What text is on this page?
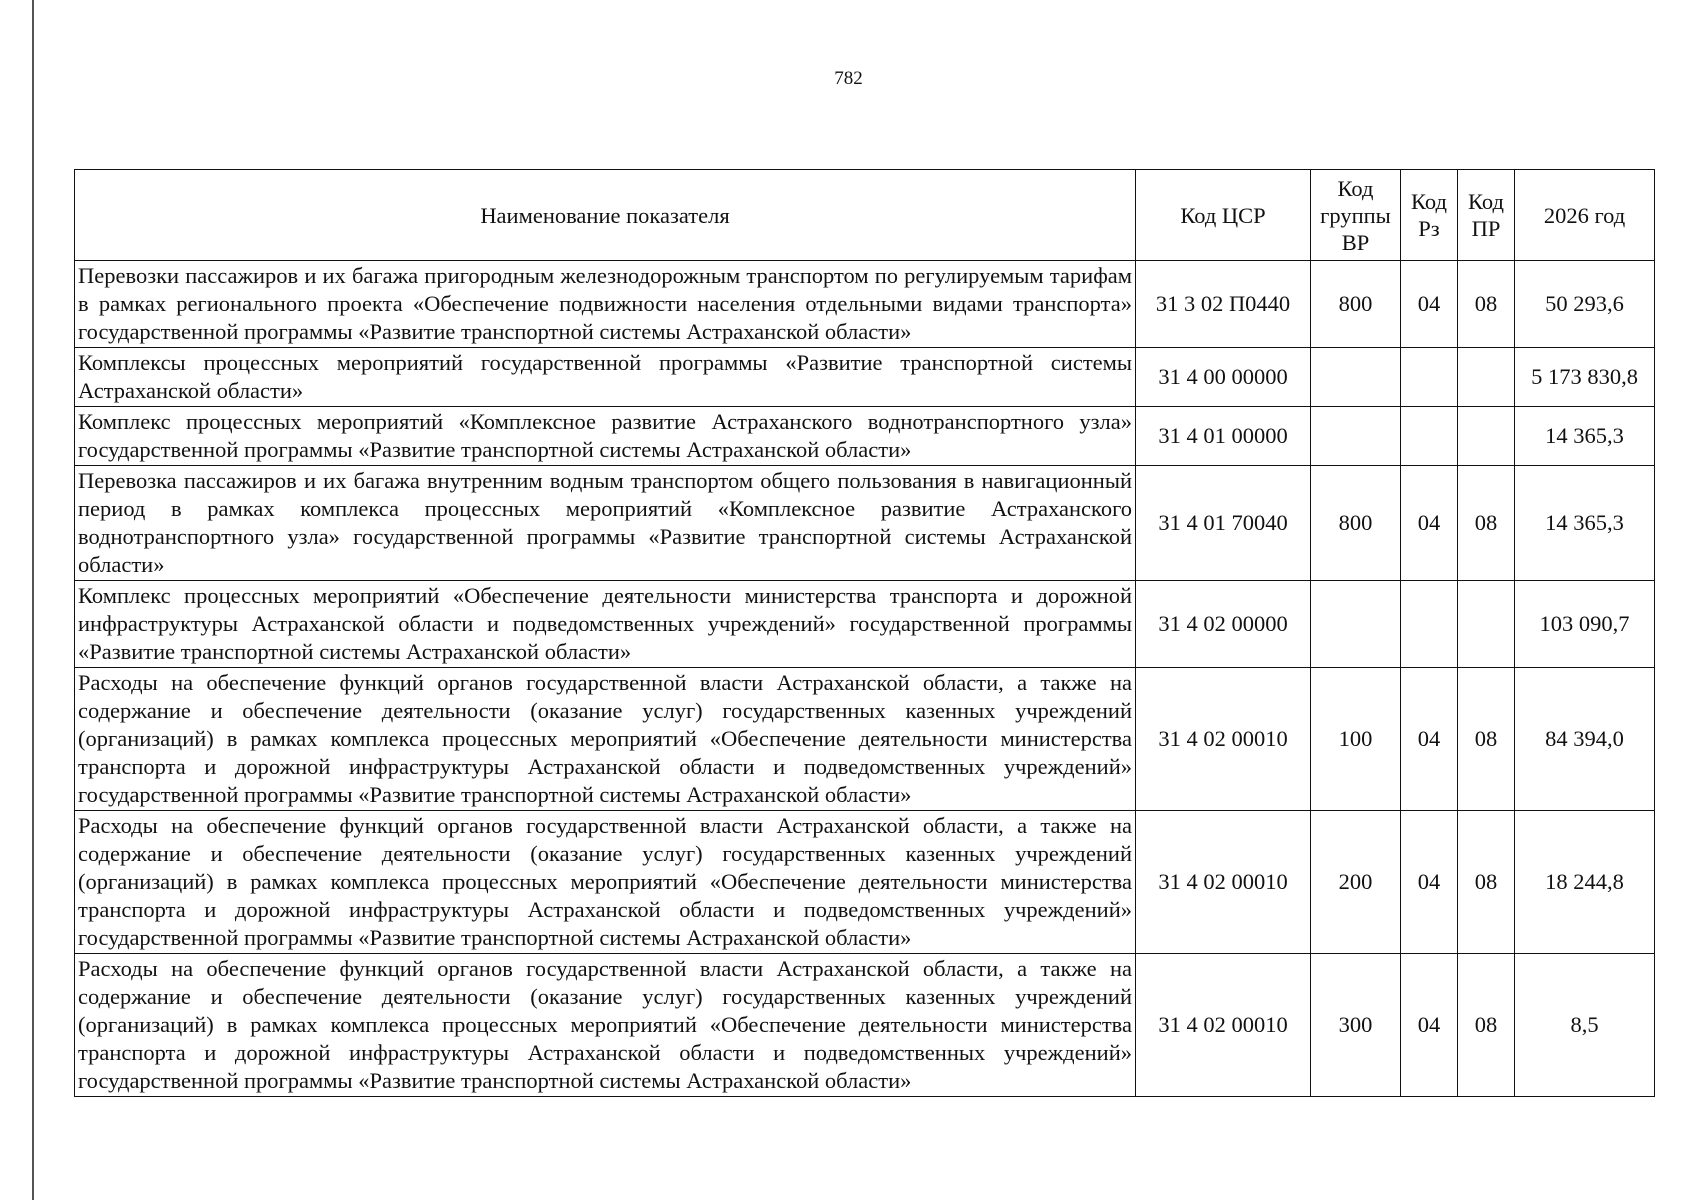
782
Наименование показателя	Код ЦСР	Код группы ВР	Код Рз	Код ПР	2026 год
Перевозки пассажиров и их багажа пригородным железнодорожным транспортом по регулируемым тарифам в рамках регионального проекта «Обеспечение подвижности населения отдельными видами транспорта» государственной программы «Развитие транспортной системы Астраханской области»	31 3 02 П0440	800	04	08	50 293,6
Комплексы процессных мероприятий государственной программы «Развитие транспортной системы Астраханской области»	31 4 00 00000				5 173 830,8
Комплекс процессных мероприятий «Комплексное развитие Астраханского воднотранспортного узла» государственной программы «Развитие транспортной системы Астраханской области»	31 4 01 00000				14 365,3
Перевозка пассажиров и их багажа внутренним водным транспортом общего пользования в навигационный период в рамках комплекса процессных мероприятий «Комплексное развитие Астраханского воднотранспортного узла» государственной программы «Развитие транспортной системы Астраханской области»	31 4 01 70040	800	04	08	14 365,3
Комплекс процессных мероприятий «Обеспечение деятельности министерства транспорта и дорожной инфраструктуры Астраханской области и подведомственных учреждений» государственной программы «Развитие транспортной системы Астраханской области»	31 4 02 00000				103 090,7
Расходы на обеспечение функций органов государственной власти Астраханской области, а также на содержание и обеспечение деятельности (оказание услуг) государственных казенных учреждений (организаций) в рамках комплекса процессных мероприятий «Обеспечение деятельности министерства транспорта и дорожной инфраструктуры Астраханской области и подведомственных учреждений» государственной программы «Развитие транспортной системы Астраханской области»	31 4 02 00010	100	04	08	84 394,0
Расходы на обеспечение функций органов государственной власти Астраханской области, а также на содержание и обеспечение деятельности (оказание услуг) государственных казенных учреждений (организаций) в рамках комплекса процессных мероприятий «Обеспечение деятельности министерства транспорта и дорожной инфраструктуры Астраханской области и подведомственных учреждений» государственной программы «Развитие транспортной системы Астраханской области»	31 4 02 00010	200	04	08	18 244,8
Расходы на обеспечение функций органов государственной власти Астраханской области, а также на содержание и обеспечение деятельности (оказание услуг) государственных казенных учреждений (организаций) в рамках комплекса процессных мероприятий «Обеспечение деятельности министерства транспорта и дорожной инфраструктуры Астраханской области и подведомственных учреждений» государственной программы «Развитие транспортной системы Астраханской области»	31 4 02 00010	300	04	08	8,5
